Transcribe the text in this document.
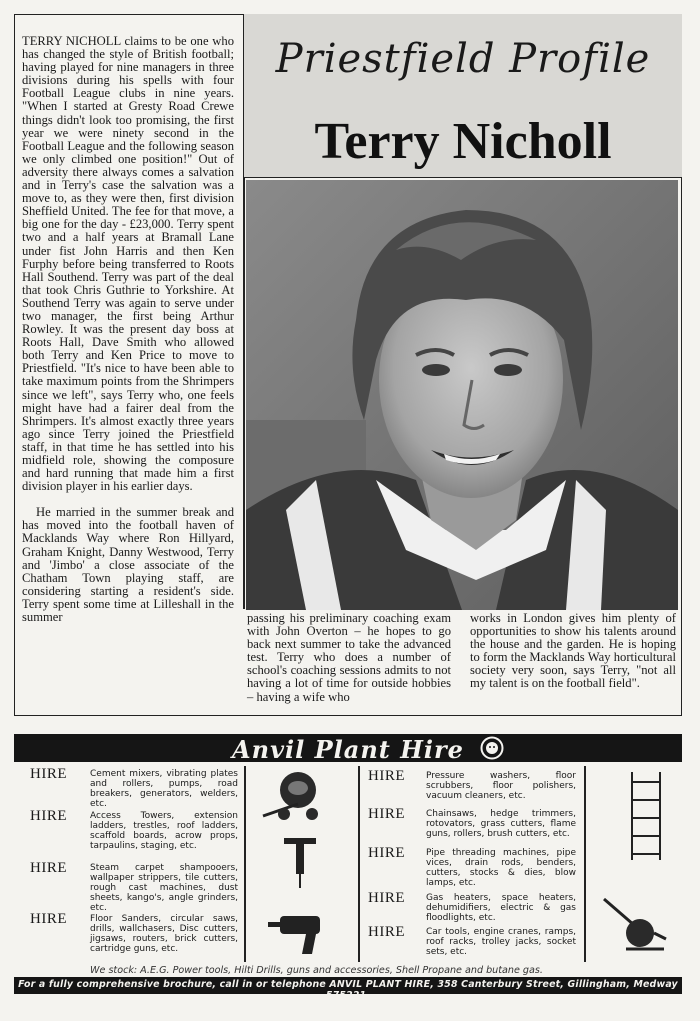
Priestfield Profile
Terry Nicholl

TERRY NICHOLL claims to be one who has changed the style of British football; having played for nine managers in three divisions during his spells with four Football League clubs in nine years. "When I started at Gresty Road Crewe things didn't look too promising, the first year we were ninety second in the Football League and the following season we only climbed one position!" Out of adversity there always comes a salvation and in Terry's case the salvation was a move to, as they were then, first division Sheffield United. The fee for that move, a big one for the day - £23,000. Terry spent two and a half years at Bramall Lane under fist John Harris and then Ken Furphy before being transferred to Roots Hall Southend. Terry was part of the deal that took Chris Guthrie to Yorkshire. At Southend Terry was again to serve under two manager, the first being Arthur Rowley. It was the present day boss at Roots Hall, Dave Smith who allowed both Terry and Ken Price to move to Priestfield. "It's nice to have been able to take maximum points from the Shrimpers since we left", says Terry who, one feels might have had a fairer deal from the Shrimpers. It's almost exactly three years ago since Terry joined the Priestfield staff, in that time he has settled into his midfield role, showing the composure and hard running that made him a first division player in his earlier days.

He married in the summer break and has moved into the football haven of Macklands Way where Ron Hillyard, Graham Knight, Danny Westwood, Terry and 'Jimbo' a close associate of the Chatham Town playing staff, are considering starting a resident's side. Terry spent some time at Lilleshall in the summer	passing his preliminary coaching exam with John Overton – he hopes to go back next summer to take the advanced test. Terry who does a number of school's coaching sessions admits to not having a lot of time for outside hobbies – having a wife who

works in London gives him plenty of opportunities to show his talents around the house and the garden. He is hoping to form the Macklands Way horticultural society very soon, says Terry, "not all my talent is on the football field".

Anvil Plant Hire
HIRE	Cement mixers, vibrating plates and rollers, pumps, road breakers, generators, welders, etc.
HIRE	Access Towers, extension ladders, trestles, roof ladders, scaffold boards, acrow props, tarpaulins, staging, etc.
HIRE	Steam carpet shampooers, wallpaper strippers, tile cutters, rough cast machines, dust sheets, kango's, angle grinders, etc.
HIRE	Floor Sanders, circular saws, drills, wallchasers, Disc cutters, jigsaws, routers, brick cutters, cartridge guns, etc.
HIRE Pressure washers, floor scrubbers, floor polishers, vacuum cleaners, etc.
HIRE Chainsaws, hedge trimmers, rotovators, grass cutters, flame guns, rollers, brush cutters, etc.
HIRE Pipe threading machines, pipe vices, drain rods, benders, cutters, stocks & dies, blow lamps, etc.
HIRE Gas heaters, space heaters, dehumidifiers, electric & gas floodlights, etc.
HIRE Car tools, engine cranes, ramps, roof racks, trolley jacks, socket sets, etc.
We stock: A.E.G. Power tools, Hilti Drills, guns and accessories, Shell Propane and butane gas.
For a fully comprehensive brochure, call in or telephone ANVIL PLANT HIRE, 358 Canterbury Street, Gillingham, Medway 575221.
